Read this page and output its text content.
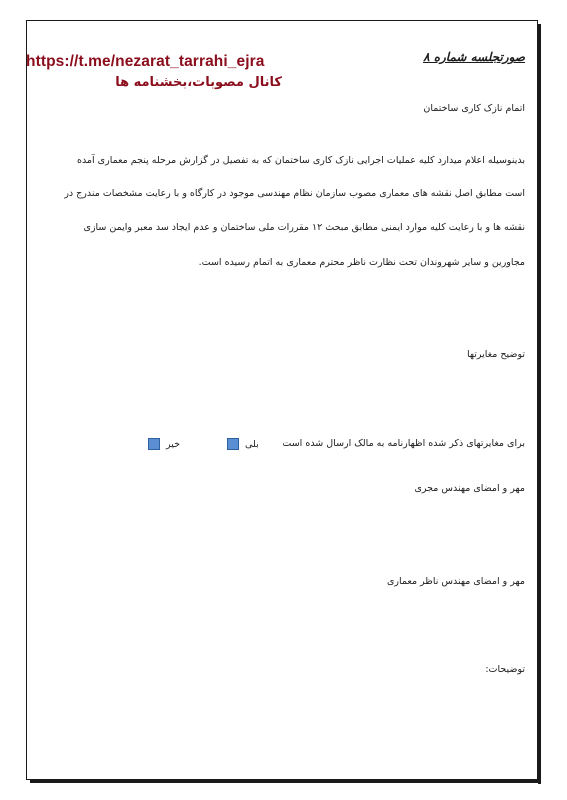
https://t.me/nezarat_tarrahi_ejra
کانال مصوبات،بخشنامه ها
صورتجلسه شماره ۸
اتمام نازک کاری ساختمان
بدینوسیله اعلام میدارد کلیه عملیات اجرایی نازک کاری ساختمان که به تفصیل در گزارش مرحله پنجم معماری آمده
است مطابق اصل نقشه های معماری مصوب سازمان نظام مهندسی موجود در کارگاه و با رعایت مشخصات مندرج در
نقشه ها و با رعایت کلیه موارد ایمنی مطابق مبحث ۱۲ مقررات ملی ساختمان و عدم ایجاد سد معبر وایمن سازی
مجاورین و سایر شهروندان تحت نظارت ناظر محترم معماری به اتمام رسیده است.
توضیح مغایرتها
برای مغایرتهای ذکر شده اظهارنامه به مالک ارسال شده است
بلی
خیر
مهر و امضای مهندس مجری
مهر و امضای مهندس ناظر معماری
توضیحات:
